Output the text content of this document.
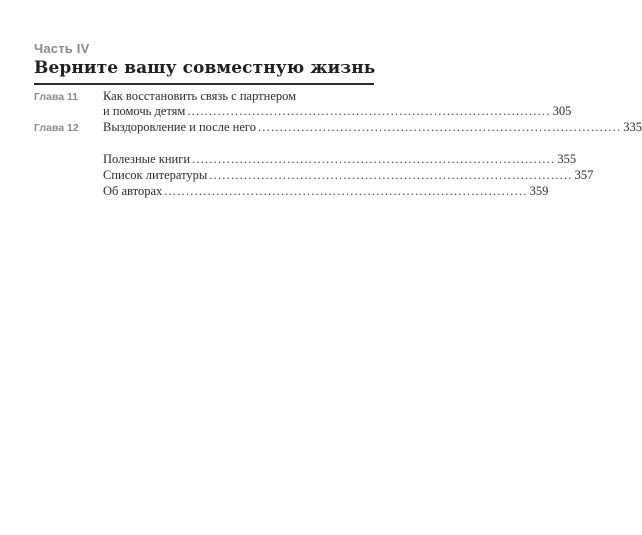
Часть IV
Верните вашу совместную жизнь
Глава 11 Как восстановить связь с партнером
и помочь детям .................................................................................... 305
Глава 12 Выздоровление и после него .................................................................................... 335
Полезные книги .................................................................................... 355
Список литературы .................................................................................... 357
Об авторах .................................................................................... 359
